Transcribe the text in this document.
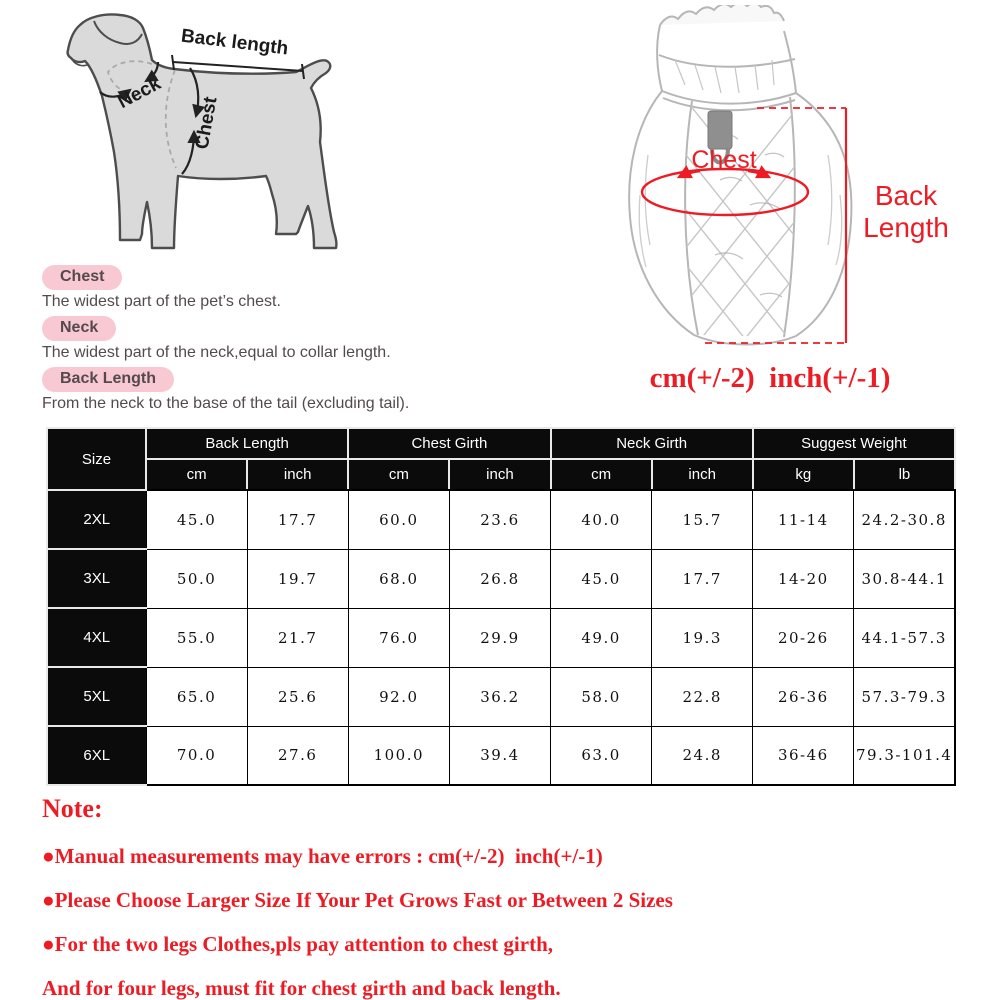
Back length
Neck
Chest
Chest
The widest part of the pet’s chest.
Neck
The widest part of the neck,equal to collar length.
Back Length
From the neck to the base of the tail (excluding tail).
Chest
Back
Length
cm(+/-2)  inch(+/-1)
Size	Back Length		Chest Girth		Neck Girth		Suggest Weight	
	cm	inch	cm	inch	cm	inch	kg	lb
2XL	45.0	17.7	60.0	23.6	40.0	15.7	11-14	24.2-30.8
3XL	50.0	19.7	68.0	26.8	45.0	17.7	14-20	30.8-44.1
4XL	55.0	21.7	76.0	29.9	49.0	19.3	20-26	44.1-57.3
5XL	65.0	25.6	92.0	36.2	58.0	22.8	26-36	57.3-79.3
6XL	70.0	27.6	100.0	39.4	63.0	24.8	36-46	79.3-101.4
Note:
●Manual measurements may have errors : cm(+/-2)  inch(+/-1)
●Please Choose Larger Size If Your Pet Grows Fast or Between 2 Sizes
●For the two legs Clothes,pls pay attention to chest girth,
And for four legs, must fit for chest girth and back length.
